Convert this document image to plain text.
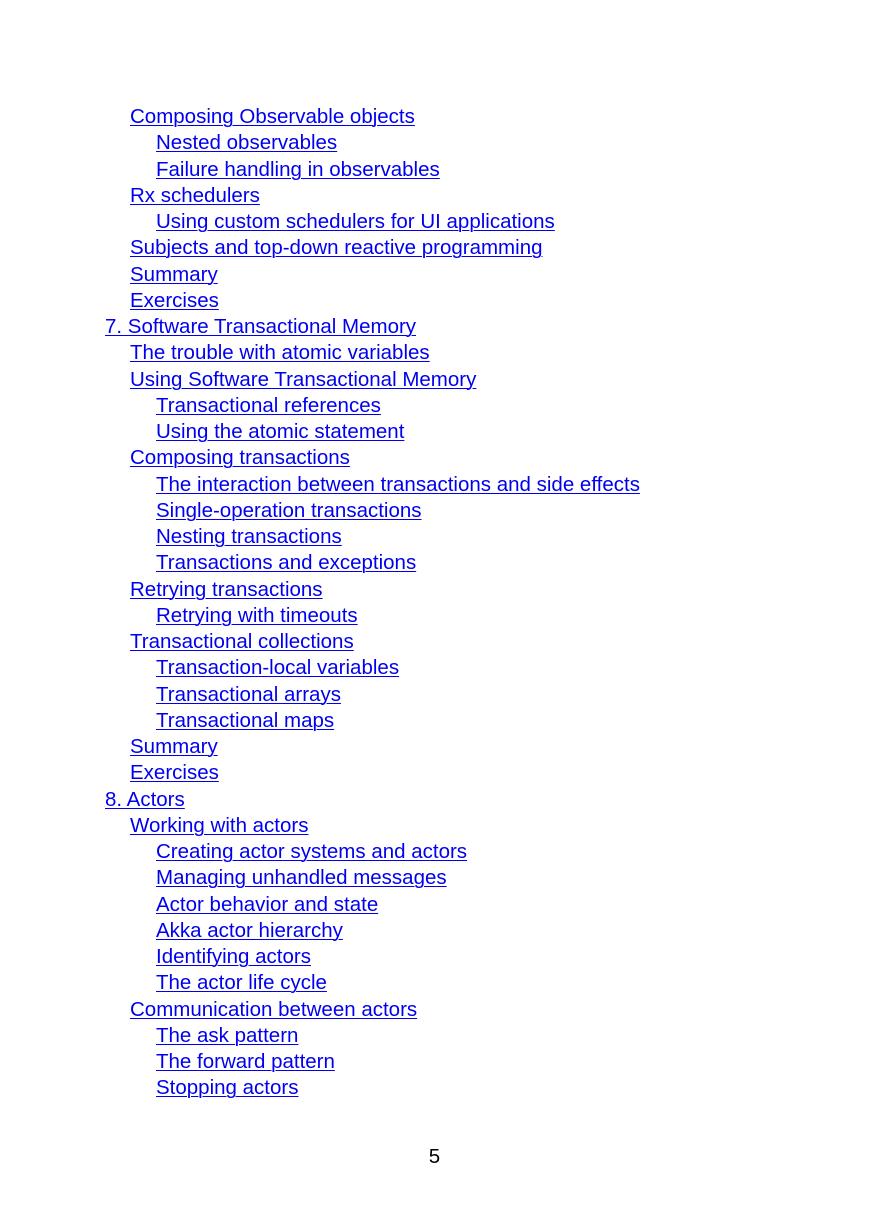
Composing Observable objects
Nested observables
Failure handling in observables
Rx schedulers
Using custom schedulers for UI applications
Subjects and top-down reactive programming
Summary
Exercises
7. Software Transactional Memory
The trouble with atomic variables
Using Software Transactional Memory
Transactional references
Using the atomic statement
Composing transactions
The interaction between transactions and side effects
Single-operation transactions
Nesting transactions
Transactions and exceptions
Retrying transactions
Retrying with timeouts
Transactional collections
Transaction-local variables
Transactional arrays
Transactional maps
Summary
Exercises
8. Actors
Working with actors
Creating actor systems and actors
Managing unhandled messages
Actor behavior and state
Akka actor hierarchy
Identifying actors
The actor life cycle
Communication between actors
The ask pattern
The forward pattern
Stopping actors
5
